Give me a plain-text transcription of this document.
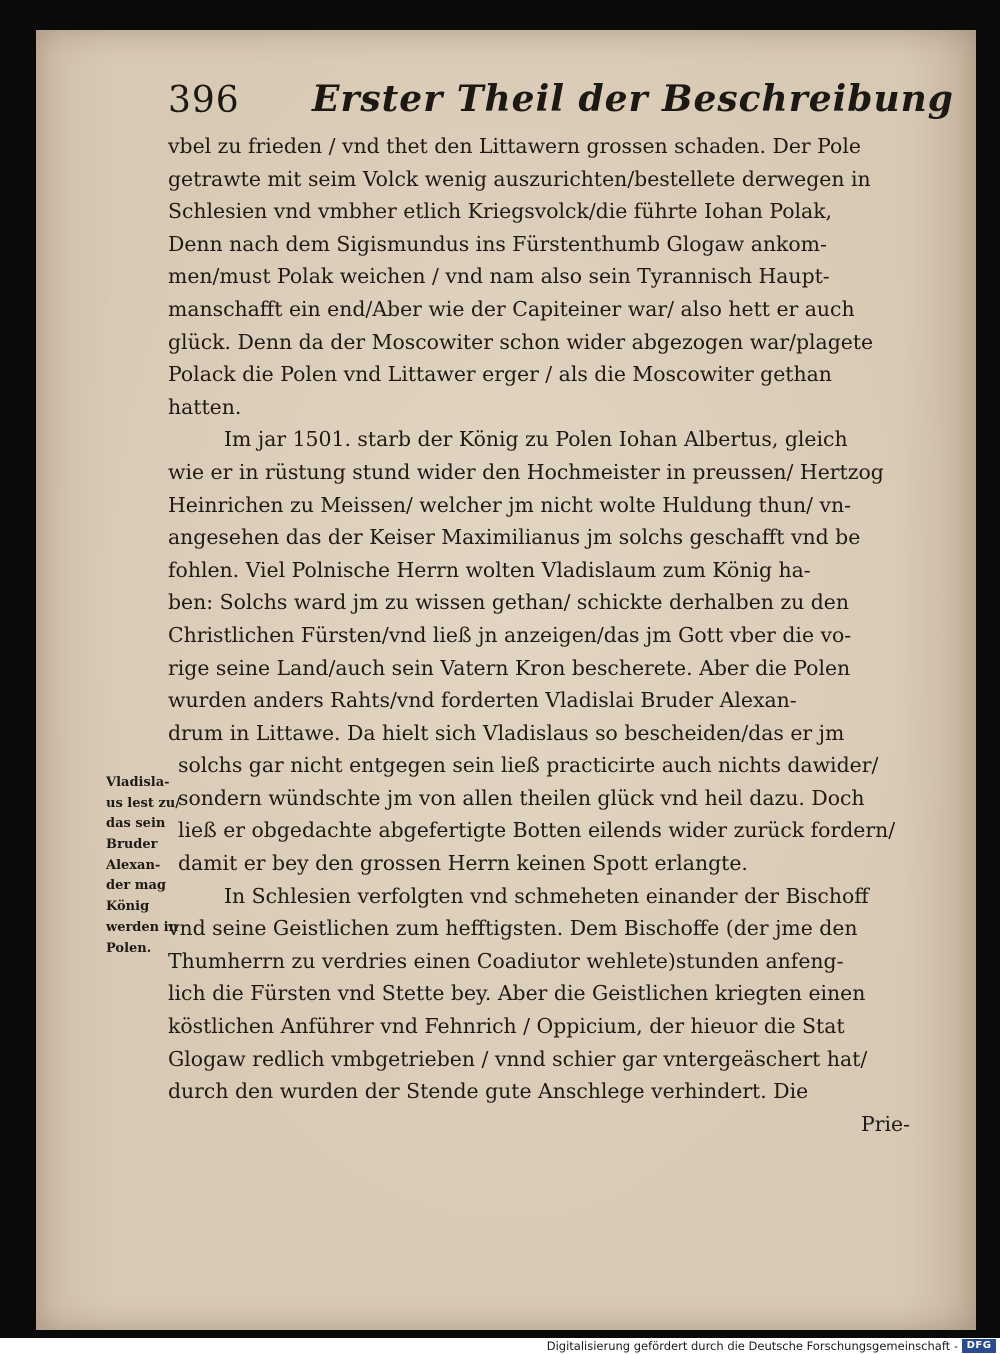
396 Erster Theil der Beschreibung
vbel zu frieden / vnd thet den Littawern grossen schaden. Der Pole
getrawte mit seim Volck wenig auszurichten/bestellete derwegen in
Schlesien vnd vmbher etlich Kriegsvolck/die führte Iohan Polak,
Denn nach dem Sigismundus ins Fürstenthumb Glogaw ankom-
men/must Polak weichen / vnd nam also sein Tyrannisch Haupt-
manschafft ein end/Aber wie der Capiteiner war/ also hett er auch
glück. Denn da der Moscowiter schon wider abgezogen war/plagete
Polack die Polen vnd Littawer erger / als die Moscowiter gethan
hatten.
Im jar 1501. starb der König zu Polen Iohan Albertus, gleich
wie er in rüstung stund wider den Hochmeister in preussen/ Hertzog
Heinrichen zu Meissen/ welcher jm nicht wolte Huldung thun/ vn-
angesehen das der Keiser Maximilianus jm solchs geschafft vnd be
fohlen. Viel Polnische Herrn wolten Vladislaum zum König ha-
ben: Solchs ward jm zu wissen gethan/ schickte derhalben zu den
Christlichen Fürsten/vnd ließ jn anzeigen/das jm Gott vber die vo-
rige seine Land/auch sein Vatern Kron bescherete. Aber die Polen
wurden anders Rahts/vnd forderten Vladislai Bruder Alexan-
drum in Littawe. Da hielt sich Vladislaus so bescheiden/das er jm
solchs gar nicht entgegen sein ließ practicirte auch nichts dawider/
sondern wündschte jm von allen theilen glück vnd heil dazu. Doch
ließ er obgedachte abgefertigte Botten eilends wider zurück fordern/
damit er bey den grossen Herrn keinen Spott erlangte.
In Schlesien verfolgten vnd schmeheten einander der Bischoff
vnd seine Geistlichen zum hefftigsten. Dem Bischoffe (der jme den
Thumherrn zu verdries einen Coadiutor wehlete)stunden anfeng-
lich die Fürsten vnd Stette bey. Aber die Geistlichen kriegten einen
köstlichen Anführer vnd Fehnrich / Oppicium, der hieuor die Stat
Glogaw redlich vmbgetrieben / vnnd schier gar vntergeäschert hat/
durch den wurden der Stende gute Anschlege verhindert. Die
Prie-
Vladisla-
us lest zu/
das sein
Bruder
Alexan-
der mag
König
werden in
Polen.
Digitalisierung gefördert durch die Deutsche Forschungsgemeinschaft - DFG
